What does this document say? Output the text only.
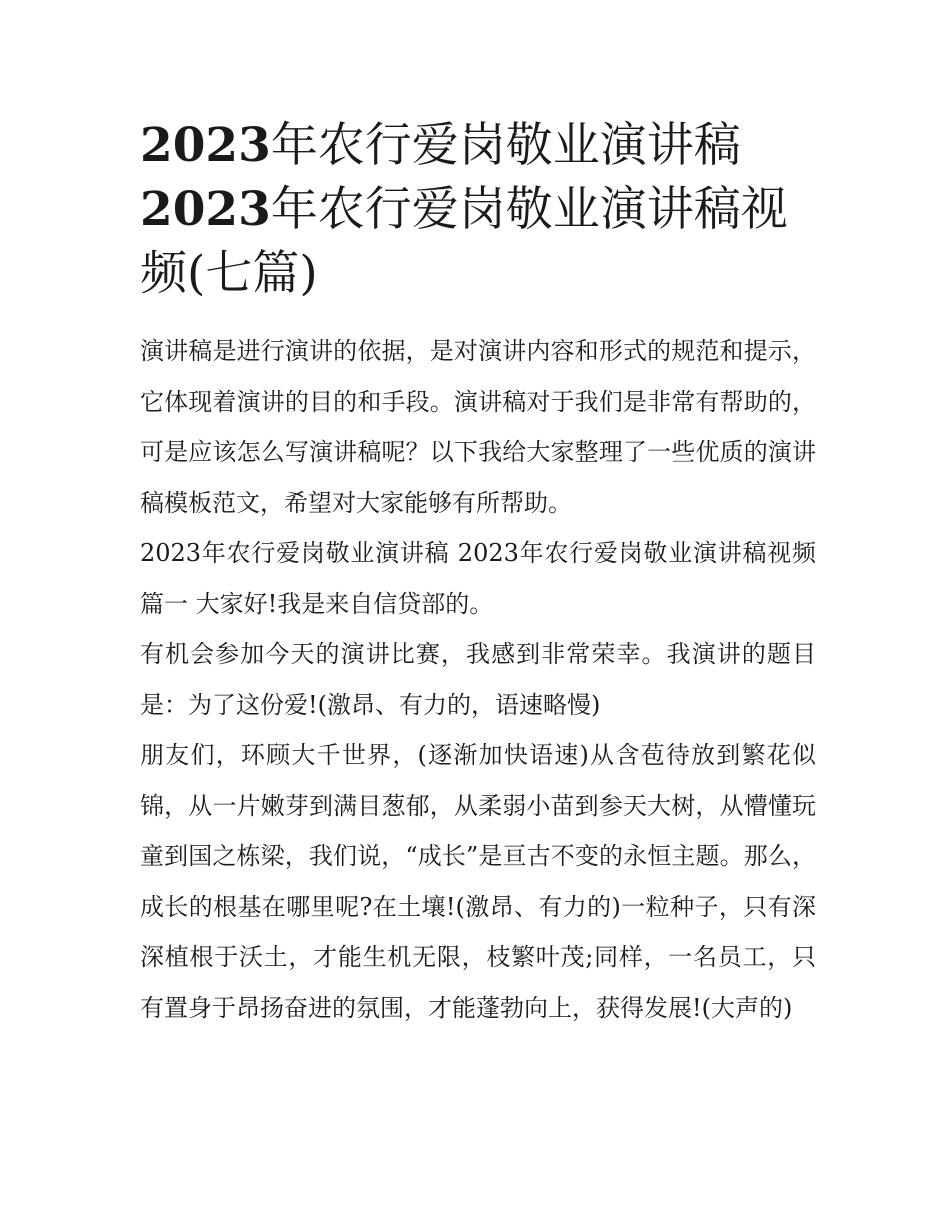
2023年农行爱岗敬业演讲稿
2023年农行爱岗敬业演讲稿视频(七篇)

演讲稿是进行演讲的依据，是对演讲内容和形式的规范和提示，它体现着演讲的目的和手段。演讲稿对于我们是非常有帮助的，可是应该怎么写演讲稿呢？以下我给大家整理了一些优质的演讲稿模板范文，希望对大家能够有所帮助。

2023年农行爱岗敬业演讲稿 2023年农行爱岗敬业演讲稿视频篇一 大家好!我是来自信贷部的。

有机会参加今天的演讲比赛，我感到非常荣幸。我演讲的题目是：为了这份爱!(激昂、有力的，语速略慢)

朋友们，环顾大千世界，(逐渐加快语速)从含苞待放到繁花似锦，从一片嫩芽到满目葱郁，从柔弱小苗到参天大树，从懵懂玩童到国之栋梁，我们说，“成长”是亘古不变的永恒主题。那么，成长的根基在哪里呢?在土壤!(激昂、有力的)一粒种子，只有深深植根于沃土，才能生机无限，枝繁叶茂;同样，一名员工，只有置身于昂扬奋进的氛围，才能蓬勃向上，获得发展!(大声的)
